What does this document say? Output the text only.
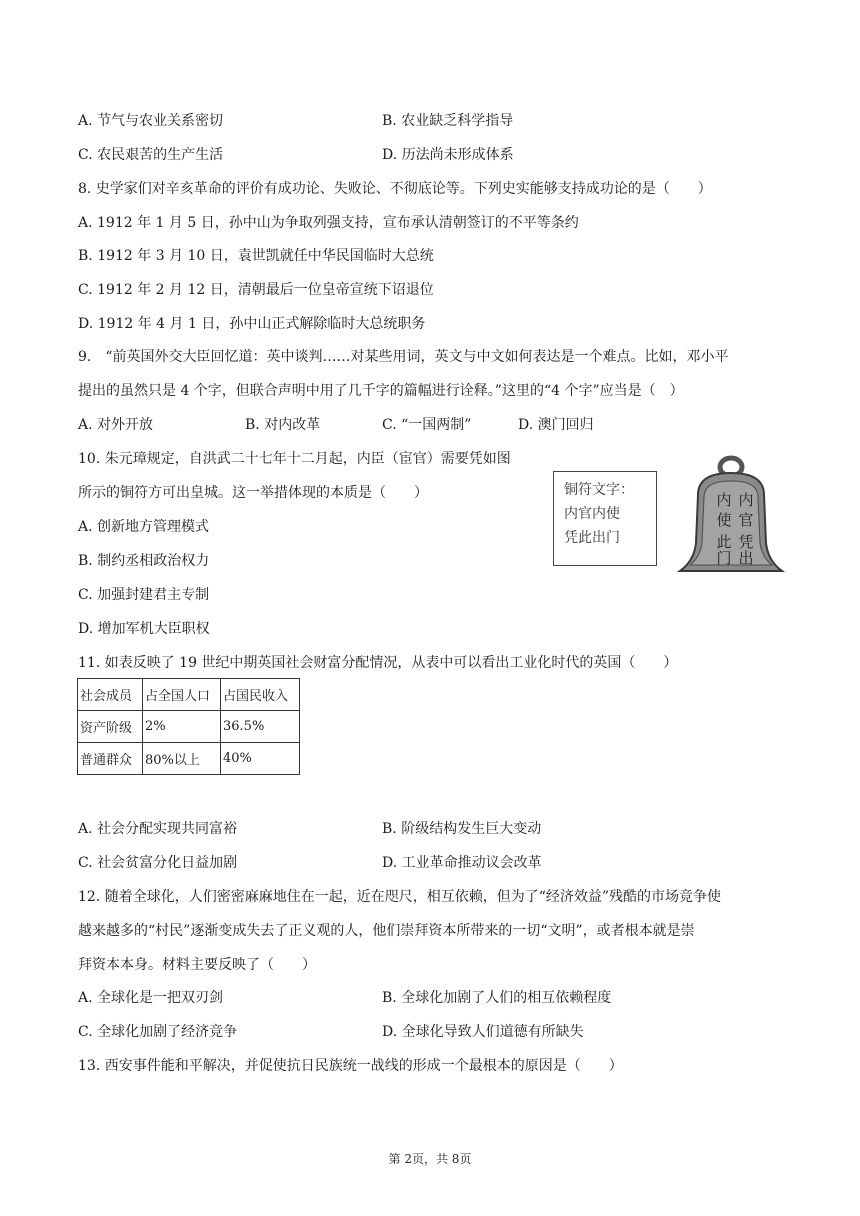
A. 节气与农业关系密切	B. 农业缺乏科学指导
C. 农民艰苦的生产生活	D. 历法尚未形成体系
8. 史学家们对辛亥革命的评价有成功论、失败论、不彻底论等。下列史实能够支持成功论的是（　　）
A. 1912 年 1 月 5 日，孙中山为争取列强支持，宣布承认清朝签订的不平等条约
B. 1912 年 3 月 10 日，袁世凯就任中华民国临时大总统
C. 1912 年 2 月 12 日，清朝最后一位皇帝宣统下诏退位
D. 1912 年 4 月 1 日，孙中山正式解除临时大总统职务
9.　“前英国外交大臣回忆道：英中谈判……对某些用词，英文与中文如何表达是一个难点。比如，邓小平
提出的虽然只是 4 个字，但联合声明中用了几千字的篇幅进行诠释。”这里的“4 个字”应当是（　）
A. 对外开放	B. 对内改革	C. “一国两制”	D. 澳门回归
10. 朱元璋规定，自洪武二十七年十二月起，内臣（宦官）需要凭如图
所示的铜符方可出皇城。这一举措体现的本质是（　　）
A. 创新地方管理模式
B. 制约丞相政治权力
C. 加强封建君主专制
D. 增加军机大臣职权
铜符文字：
内官内使
凭此出门
内
官
内
使
凭
此
出
门
11. 如表反映了 19 世纪中期英国社会财富分配情况，从表中可以看出工业化时代的英国（　　）
社会成员	占全国人口	占国民收入
资产阶级	2%	36.5%
普通群众	80%以上	40%
A. 社会分配实现共同富裕	B. 阶级结构发生巨大变动
C. 社会贫富分化日益加剧	D. 工业革命推动议会改革
12. 随着全球化，人们密密麻麻地住在一起，近在咫尺，相互依赖，但为了“经济效益”残酷的市场竞争使
越来越多的“村民”逐渐变成失去了正义观的人，他们崇拜资本所带来的一切“文明”，或者根本就是崇
拜资本本身。材料主要反映了（　　）
A. 全球化是一把双刃剑	B. 全球化加剧了人们的相互依赖程度
C. 全球化加剧了经济竞争	D. 全球化导致人们道德有所缺失
13. 西安事件能和平解决，并促使抗日民族统一战线的形成一个最根本的原因是（　　）
第 2页，共 8页
